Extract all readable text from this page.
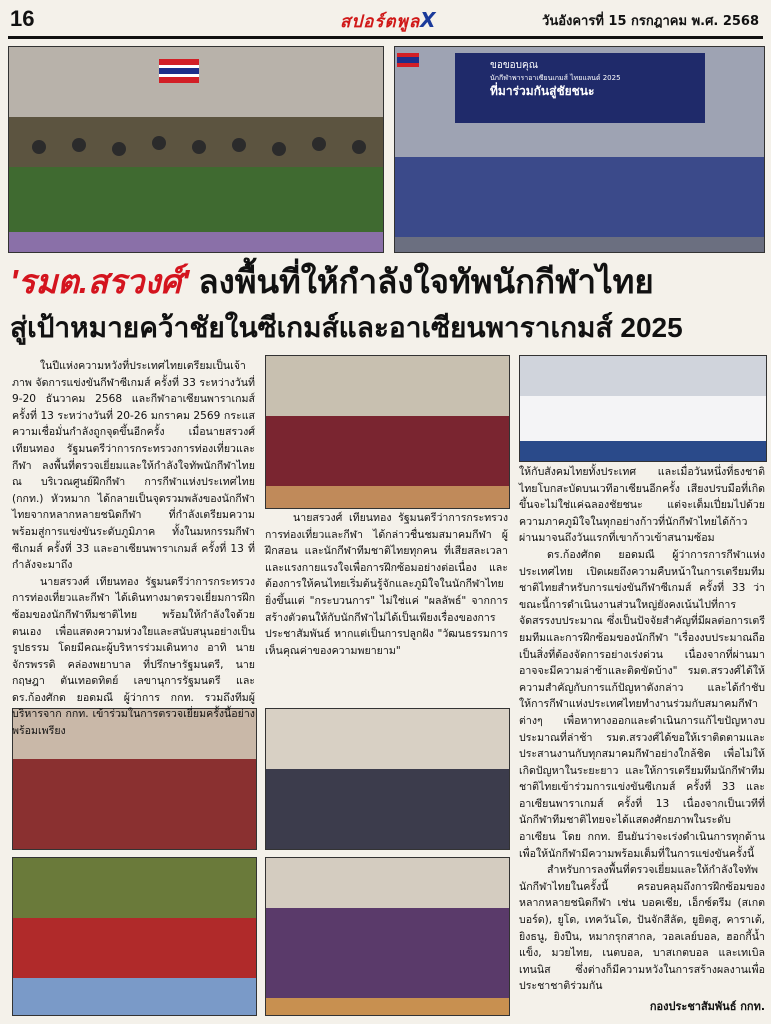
16	สปอร์ตพูลX	วันอังคารที่ 15 กรกฎาคม พ.ศ. 2568
ขอขอบคุณ
นักกีฬาพาราอาเซียนเกมส์ ไทยแลนด์ 2025
ที่มาร่วมกันสู่ชัยชนะ
'รมต.สรวงศ์' ลงพื้นที่ให้กำลังใจทัพนักกีฬาไทย
สู่เป้าหมายคว้าชัยในซีเกมส์และอาเซียนพาราเกมส์ 2025

ในปีแห่งความหวังที่ประเทศไทยเตรียมเป็นเจ้าภาพ จัดการแข่งขันกีฬาซีเกมส์ ครั้งที่ 33 ระหว่างวันที่ 9-20 ธันวาคม 2568 และกีฬาอาเซียนพาราเกมส์ ครั้งที่ 13 ระหว่างวันที่ 20-26 มกราคม 2569 กระแสความเชื่อมั่นกำลังถูกจุดขึ้นอีกครั้ง เมื่อนายสรวงศ์ เทียนทอง รัฐมนตรีว่าการกระทรวงการท่องเที่ยวและกีฬา ลงพื้นที่ตรวจเยี่ยมและให้กำลังใจทัพนักกีฬาไทย ณ บริเวณศูนย์ฝึกกีฬา การกีฬาแห่งประเทศไทย (กกท.) หัวหมาก ได้กลายเป็นจุดรวมพลังของนักกีฬาไทยจากหลากหลายชนิดกีฬา ที่กำลังเตรียมความพร้อมสู่การแข่งขันระดับภูมิภาค ทั้งในมหกรรมกีฬาซีเกมส์ ครั้งที่ 33 และอาเซียนพาราเกมส์ ครั้งที่ 13 ที่กำลังจะมาถึง

นายสรวงศ์ เทียนทอง รัฐมนตรีว่าการกระทรวงการท่องเที่ยวและกีฬา ได้เดินทางมาตรวจเยี่ยมการฝึกซ้อมของนักกีฬาทีมชาติไทย พร้อมให้กำลังใจด้วยตนเอง เพื่อแสดงความห่วงใยและสนับสนุนอย่างเป็นรูปธรรม โดยมีคณะผู้บริหารร่วมเดินทาง อาทิ นายจักรพรรดิ คล่องพยาบาล ที่ปรึกษารัฐมนตรี, นายกฤษฎา ตันเทอดทิตย์ เลขานุการรัฐมนตรี และ ดร.ก้องศักด ยอดมณี ผู้ว่าการ กกท. รวมถึงทีมผู้บริหารจาก กกท. เข้าร่วมในการตรวจเยี่ยมครั้งนี้อย่างพร้อมเพรียง

นายสรวงศ์ เทียนทอง รัฐมนตรีว่าการกระทรวงการท่องเที่ยวและกีฬา ได้กล่าวชื่นชมสมาคมกีฬา ผู้ฝึกสอน และนักกีฬาทีมชาติไทยทุกคน ที่เสียสละเวลาและแรงกายแรงใจเพื่อการฝึกซ้อมอย่างต่อเนื่อง และต้องการให้คนไทยเริ่มต้นรู้จักและภูมิใจในนักกีฬาไทยยิ่งขึ้นแต่ "กระบวนการ" ไม่ใช่แค่ "ผลลัพธ์" จากการสร้างตัวตนให้กับนักกีฬาไม่ได้เป็นเพียงเรื่องของการประชาสัมพันธ์ หากแต่เป็นการปลูกฝัง "วัฒนธรรมการเห็นคุณค่าของความพยายาม"

ให้กับสังคมไทยทั้งประเทศ และเมื่อวันหนึ่งที่ธงชาติไทยโบกสะบัดบนเวทีอาเซียนอีกครั้ง เสียงปรบมือที่เกิดขึ้นจะไม่ใช่แค่ฉลองชัยชนะ แต่จะเต็มเปี่ยมไปด้วยความภาคภูมิใจในทุกอย่างก้าวที่นักกีฬาไทยได้ก้าวผ่านมาจนถึงวันแรกที่เขาก้าวเข้าสนามซ้อม

ดร.ก้องศักด ยอดมณี ผู้ว่าการการกีฬาแห่งประเทศไทย เปิดเผยถึงความคืบหน้าในการเตรียมทีมชาติไทยสำหรับการแข่งขันกีฬาซีเกมส์ ครั้งที่ 33 ว่า ขณะนี้การดำเนินงานส่วนใหญ่ยังคงเน้นไปที่การจัดสรรงบประมาณ ซึ่งเป็นปัจจัยสำคัญที่มีผลต่อการเตรียมทีมและการฝึกซ้อมของนักกีฬา "เรื่องงบประมาณถือเป็นสิ่งที่ต้องจัดการอย่างเร่งด่วน เนื่องจากที่ผ่านมาอาจจะมีความล่าช้าและติดขัดบ้าง" รมต.สรวงศ์ได้ให้ความสำคัญกับการแก้ปัญหาดังกล่าว และได้กำชับให้การกีฬาแห่งประเทศไทยทำงานร่วมกับสมาคมกีฬาต่างๆ เพื่อหาทางออกและดำเนินการแก้ไขปัญหางบประมาณที่ล่าช้า รมต.สรวงศ์ได้ขอให้เราติดตามและประสานงานกับทุกสมาคมกีฬาอย่างใกล้ชิด เพื่อไม่ให้เกิดปัญหาในระยะยาว และให้การเตรียมทีมนักกีฬาทีมชาติไทยเข้าร่วมการแข่งขันซีเกมส์ ครั้งที่ 33 และอาเซียนพาราเกมส์ ครั้งที่ 13 เนื่องจากเป็นเวทีที่นักกีฬาทีมชาติไทยจะได้แสดงศักยภาพในระดับอาเซียน โดย กกท. ยืนยันว่าจะเร่งดำเนินการทุกด้านเพื่อให้นักกีฬามีความพร้อมเต็มที่ในการแข่งขันครั้งนี้

สำหรับการลงพื้นที่ตรวจเยี่ยมและให้กำลังใจทัพนักกีฬาไทยในครั้งนี้ ครอบคลุมถึงการฝึกซ้อมของหลากหลายชนิดกีฬา เช่น บอคเซีย, เอ็กซ์ตรีม (สเกตบอร์ด), ยูโด, เทควันโด, ปันจักสีลัต, ยูยิตสู, คาราเต้, ยิงธนู, ยิงปืน, หมากรุกสากล, วอลเลย์บอล, ฮอกกี้น้ำแข็ง, มวยไทย, เนตบอล, บาสเกตบอล และเทเบิลเทนนิส ซึ่งต่างก็มีความหวังในการสร้างผลงานเพื่อประชาชาติร่วมกัน

กองประชาสัมพันธ์ กกท.
